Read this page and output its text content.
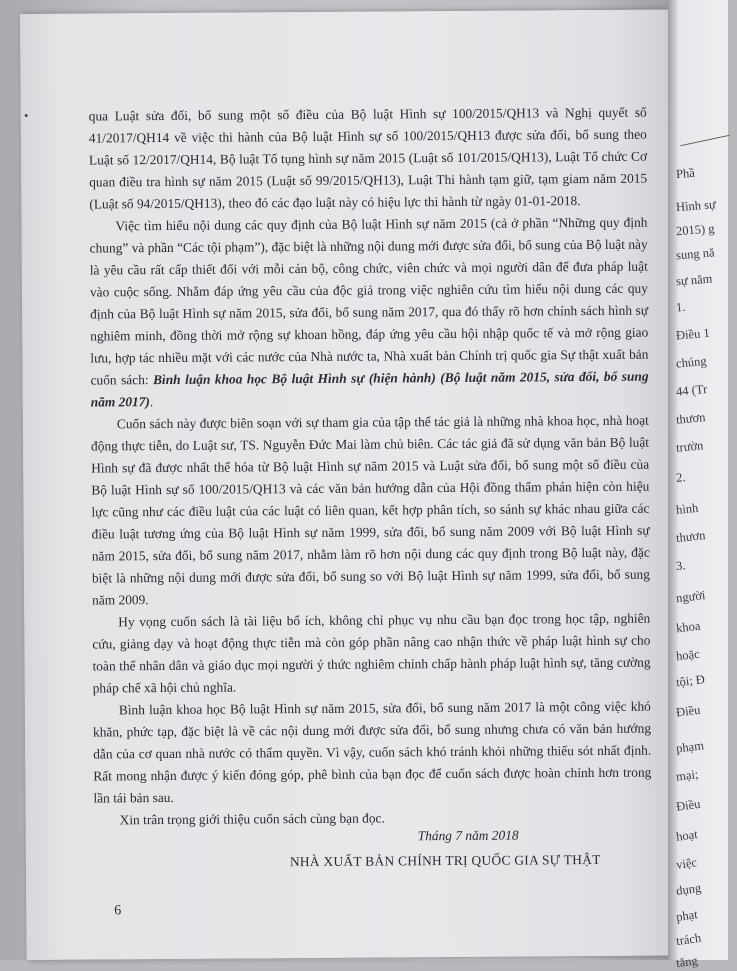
qua Luật sửa đổi, bổ sung một số điều của Bộ luật Hình sự 100/2015/QH13 và Nghị quyết số 41/2017/QH14 về việc thi hành của Bộ luật Hình sự số 100/2015/QH13 được sửa đổi, bổ sung theo Luật số 12/2017/QH14, Bộ luật Tố tụng hình sự năm 2015 (Luật số 101/2015/QH13), Luật Tổ chức Cơ quan điều tra hình sự năm 2015 (Luật số 99/2015/QH13), Luật Thi hành tạm giữ, tạm giam năm 2015 (Luật số 94/2015/QH13), theo đó các đạo luật này có hiệu lực thi hành từ ngày 01-01-2018.

Việc tìm hiểu nội dung các quy định của Bộ luật Hình sự năm 2015 (cả ở phần “Những quy định chung” và phần “Các tội phạm”), đặc biệt là những nội dung mới được sửa đổi, bổ sung của Bộ luật này là yêu cầu rất cấp thiết đối với mỗi cán bộ, công chức, viên chức và mọi người dân để đưa pháp luật vào cuộc sống. Nhằm đáp ứng yêu cầu của độc giả trong việc nghiên cứu tìm hiểu nội dung các quy định của Bộ luật Hình sự năm 2015, sửa đổi, bổ sung năm 2017, qua đó thấy rõ hơn chính sách hình sự nghiêm minh, đồng thời mở rộng sự khoan hồng, đáp ứng yêu cầu hội nhập quốc tế và mở rộng giao lưu, hợp tác nhiều mặt với các nước của Nhà nước ta, Nhà xuất bản Chính trị quốc gia Sự thật xuất bản cuốn sách: Bình luận khoa học Bộ luật Hình sự (hiện hành) (Bộ luật năm 2015, sửa đổi, bổ sung năm 2017).

Cuốn sách này được biên soạn với sự tham gia của tập thể tác giả là những nhà khoa học, nhà hoạt động thực tiễn, do Luật sư, TS. Nguyễn Đức Mai làm chủ biên. Các tác giả đã sử dụng văn bản Bộ luật Hình sự đã được nhất thể hóa từ Bộ luật Hình sự năm 2015 và Luật sửa đổi, bổ sung một số điều của Bộ luật Hình sự số 100/2015/QH13 và các văn bản hướng dẫn của Hội đồng thẩm phán hiện còn hiệu lực cũng như các điều luật của các luật có liên quan, kết hợp phân tích, so sánh sự khác nhau giữa các điều luật tương ứng của Bộ luật Hình sự năm 1999, sửa đổi, bổ sung năm 2009 với Bộ luật Hình sự năm 2015, sửa đổi, bổ sung năm 2017, nhằm làm rõ hơn nội dung các quy định trong Bộ luật này, đặc biệt là những nội dung mới được sửa đổi, bổ sung so với Bộ luật Hình sự năm 1999, sửa đổi, bổ sung năm 2009.

Hy vọng cuốn sách là tài liệu bổ ích, không chỉ phục vụ nhu cầu bạn đọc trong học tập, nghiên cứu, giảng dạy và hoạt động thực tiễn mà còn góp phần nâng cao nhận thức về pháp luật hình sự cho toàn thể nhân dân và giáo dục mọi người ý thức nghiêm chỉnh chấp hành pháp luật hình sự, tăng cường pháp chế xã hội chủ nghĩa.

Bình luận khoa học Bộ luật Hình sự năm 2015, sửa đổi, bổ sung năm 2017 là một công việc khó khăn, phức tạp, đặc biệt là về các nội dung mới được sửa đổi, bổ sung nhưng chưa có văn bản hướng dẫn của cơ quan nhà nước có thẩm quyền. Vì vậy, cuốn sách khó tránh khỏi những thiếu sót nhất định. Rất mong nhận được ý kiến đóng góp, phê bình của bạn đọc để cuốn sách được hoàn chỉnh hơn trong lần tái bản sau.

Xin trân trọng giới thiệu cuốn sách cùng bạn đọc.

Tháng 7 năm 2018
NHÀ XUẤT BẢN CHÍNH TRỊ QUỐC GIA SỰ THẬT
6
Phầ
Hình sự
2015) g
sung nă
sự năm
1.
Điều 1
chúng
44 (Tr
thươn
trườn
2.
hình
thươn
3.
người
khoa
hoặc
tội; Đ
Điều
phạm
mại;
Điều
hoạt
việc
dụng
phạt
trách
tăng
